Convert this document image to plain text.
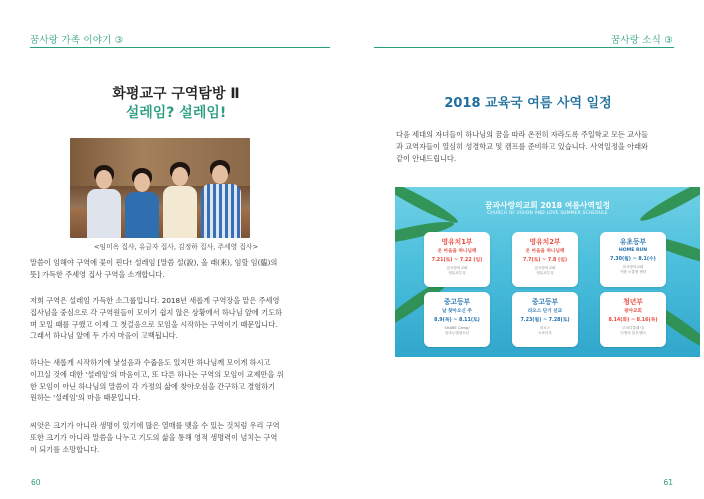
꿈사랑 가족 이야기 ③
화평교구 구역탐방 Ⅱ
설레임? 설레임!
<임미옥 집사, 유금자 집사, 김정하 집사, 주세영 집사>
말씀이 임해야 구역에 꽃이 핀다! 설레임 [말씀 설(說), 올 래(來), 임할 임(臨)의
뜻] 가득한 주세영 집사 구역을 소개합니다.
저희 구역은 설레임 가득한 소그룹입니다. 2018년 새롭게 구역장을 맡은 주세영
집사님을 중심으로 각 구역원들이 모이기 쉽지 않은 상황에서 하나님 앞에 기도하
며 모일 때를 구했고 이제 그 첫걸음으로 모임을 시작하는 구역이기 때문입니다.
그래서 하나님 앞에 두 가지 마음이 고백됩니다.
하나는 새롭게 시작하기에 낯설음과 수줍음도 있지만 하나님께 모이게 하시고
이끄실 것에 대한 '설레임'의 마음이고, 또 다른 하나는 구역의 모임이 교제만을 위
한 모임이 아닌 하나님의 말씀이 각 가정의 삶에 찾아오심을 간구하고 경험하기
원하는 '설레임'의 마음 때문입니다.
씨앗은 크기가 아니라 생명이 있기에 많은 열매를 맺을 수 있는 것처럼 우리 구역
또한 크기가 아니라 말씀을 나누고 기도의 삶을 통해 영적 생명력이 넘치는 구역
이 되기를 소망합니다.
60
꿈사랑 소식 ③
2018 교육국 여름 사역 일정
다음 세대의 자녀들이 하나님의 꿈을 따라 온전히 자라도록 주일학교 모든 교사들
과 교역자들이 열심히 성경학교 및 캠프를 준비하고 있습니다. 사역일정을 아래와
같이 안내드립니다.
꿈과사랑의교회 2018 여름사역일정
CHURCH OF VISION AND LOVE SUMMER SCHEDULE
영유치1부
온 마음을 하나님께
7.21(토) ~ 7.22 (일)
꿈사랑의교회
영유치부실
영유치2부
온 마음을 하나님께
7.7(토) ~ 7.8 (일)
꿈사랑의교회
영유치부실
유초등부
HOME RUN
7.30(월) ~ 8.1(수)
꿈사랑의교회
카렌 오클랜 센터
중고등부
날 찾아오신 주
8.9(목) ~ 8.11(토)
SHARE Camp/
임마누엘청소년
중고등부
라오스 단기 선교
7.23(월) ~ 7.28(토)
라오스
오포다우
청년부
광야교회
8.14(화) ~ 8.16(목)
르미디클래시/
인생의 블루센터
61
